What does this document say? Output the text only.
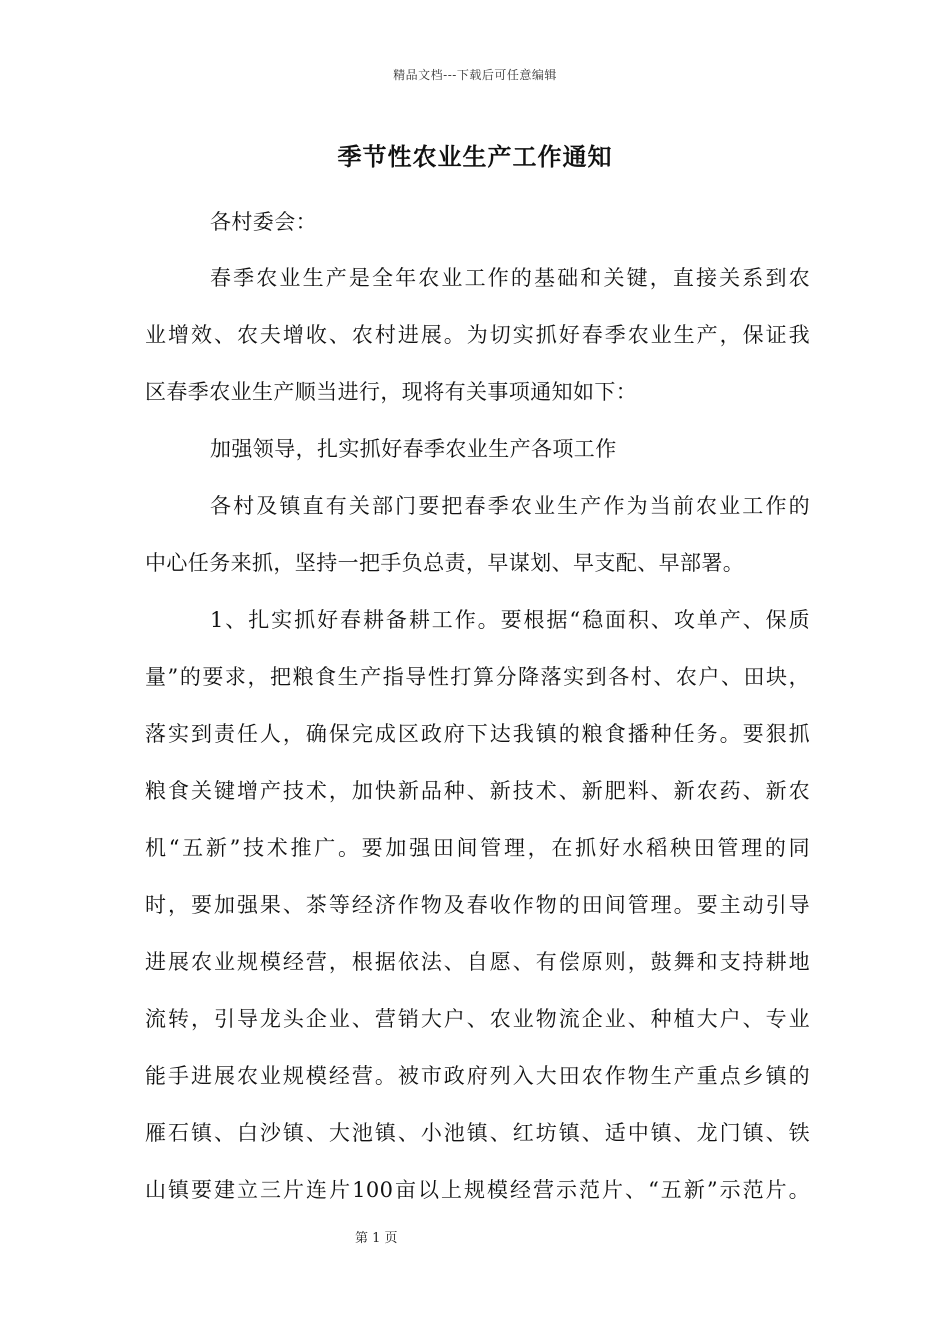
精品文档---下载后可任意编辑
季节性农业生产工作通知
各村委会：
春季农业生产是全年农业工作的基础和关键，直接关系到农
业增效、农夫增收、农村进展。为切实抓好春季农业生产，保证我
区春季农业生产顺当进行，现将有关事项通知如下：
加强领导，扎实抓好春季农业生产各项工作
各村及镇直有关部门要把春季农业生产作为当前农业工作的
中心任务来抓，坚持一把手负总责，早谋划、早支配、早部署。
1、扎实抓好春耕备耕工作。要根据“稳面积、攻单产、保质
量”的要求，把粮食生产指导性打算分降落实到各村、农户、田块，
落实到责任人，确保完成区政府下达我镇的粮食播种任务。要狠抓
粮食关键增产技术，加快新品种、新技术、新肥料、新农药、新农
机“五新”技术推广。要加强田间管理，在抓好水稻秧田管理的同
时，要加强果、茶等经济作物及春收作物的田间管理。要主动引导
进展农业规模经营，根据依法、自愿、有偿原则，鼓舞和支持耕地
流转，引导龙头企业、营销大户、农业物流企业、种植大户、专业
能手进展农业规模经营。被市政府列入大田农作物生产重点乡镇的
雁石镇、白沙镇、大池镇、小池镇、红坊镇、适中镇、龙门镇、铁
山镇要建立三片连片100亩以上规模经营示范片、“五新”示范片。
第 1 页
